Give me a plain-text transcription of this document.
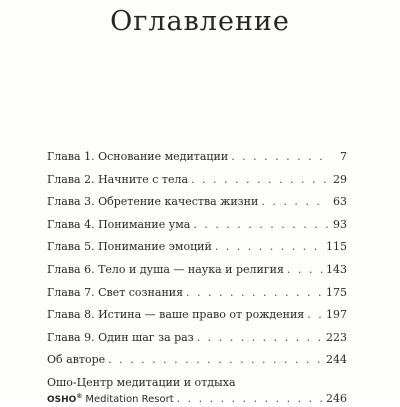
Оглавление
Глава 1. Основание медитации . . .	7
Глава 2. Начните с тела . . .	29
Глава 3. Обретение качества жизни . . .	63
Глава 4. Понимание ума . . .	93
Глава 5. Понимание эмоций . . .	115
Глава 6. Тело и душа — наука и религия . . .	143
Глава 7. Свет сознания . . .	175
Глава 8. Истина — ваше право от рождения . . . 197
Глава 9. Один шаг за раз . . .	223
Об авторе . . .	244
Ошо-Центр медитации и отдыха
OSHO® Meditation Resort . . .	246
